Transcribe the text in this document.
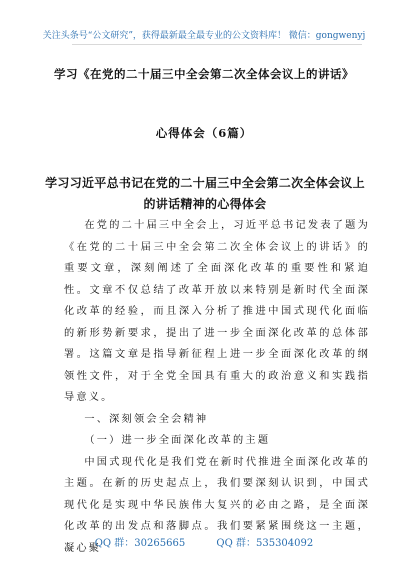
关注头条号“公文研究”，获得最新最全最专业的公文资料库！ 微信：gongwenyj
学习《在党的二十届三中全会第二次全体会议上的讲话》
心得体会（6篇）
学习习近平总书记在党的二十届三中全会第二次全体会议上的讲话精神的心得体会

在党的二十届三中全会上，习近平总书记发表了题为《在党的二十届三中全会第二次全体会议上的讲话》的重要文章，深刻阐述了全面深化改革的重要性和紧迫性。文章不仅总结了改革开放以来特别是新时代全面深化改革的经验，而且深入分析了推进中国式现代化面临的新形势新要求，提出了进一步全面深化改革的总体部署。这篇文章是指导新征程上进一步全面深化改革的纲领性文件，对于全党全国具有重大的政治意义和实践指导意义。

一、深刻领会全会精神

（一）进一步全面深化改革的主题

中国式现代化是我们党在新时代推进全面深化改革的主题。在新的历史起点上，我们要深刻认识到，中国式现代化是实现中华民族伟大复兴的必由之路，是全面深化改革的出发点和落脚点。我们要紧紧围绕这一主题，凝心聚

QQ 群：30265665	QQ 群：535304092
